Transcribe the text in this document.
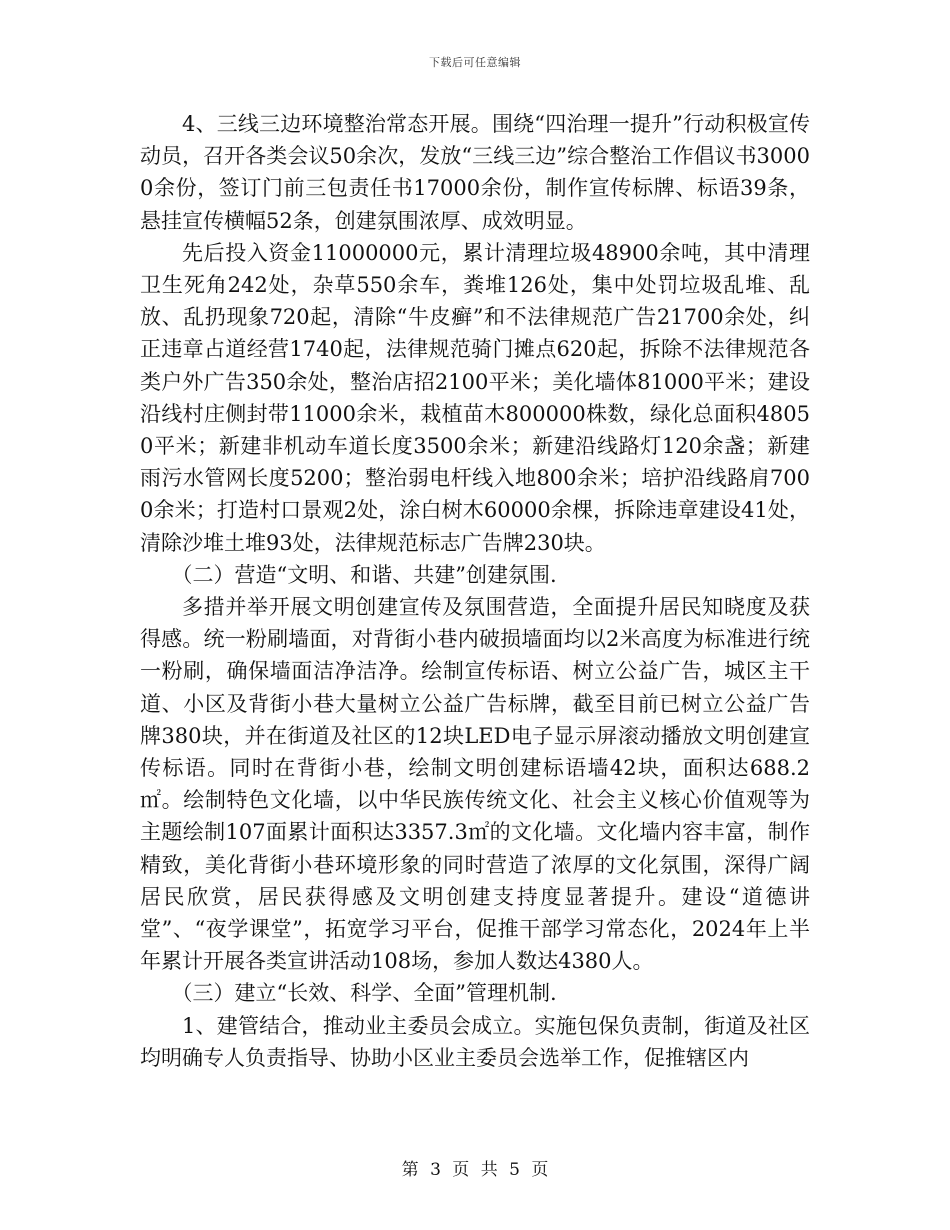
下载后可任意编辑

4、三线三边环境整治常态开展。围绕“四治理一提升”行动积极宣传动员，召开各类会议50余次，发放“三线三边”综合整治工作倡议书30000余份，签订门前三包责任书17000余份，制作宣传标牌、标语39条，悬挂宣传横幅52条，创建氛围浓厚、成效明显。

先后投入资金11000000元，累计清理垃圾48900余吨，其中清理卫生死角242处，杂草550余车，粪堆126处，集中处罚垃圾乱堆、乱放、乱扔现象720起，清除“牛皮癣”和不法律规范广告21700余处，纠正违章占道经营1740起，法律规范骑门摊点620起，拆除不法律规范各类户外广告350余处，整治店招2100平米；美化墙体81000平米；建设沿线村庄侧封带11000余米，栽植苗木800000株数，绿化总面积48050平米；新建非机动车道长度3500余米；新建沿线路灯120余盏；新建雨污水管网长度5200；整治弱电杆线入地800余米；培护沿线路肩7000余米；打造村口景观2处，涂白树木60000余棵，拆除违章建设41处，清除沙堆土堆93处，法律规范标志广告牌230块。

（二）营造“文明、和谐、共建”创建氛围.

多措并举开展文明创建宣传及氛围营造，全面提升居民知晓度及获得感。统一粉刷墙面，对背街小巷内破损墙面均以2米高度为标准进行统一粉刷，确保墙面洁净洁净。绘制宣传标语、树立公益广告，城区主干道、小区及背街小巷大量树立公益广告标牌，截至目前已树立公益广告牌380块，并在街道及社区的12块LED电子显示屏滚动播放文明创建宣传标语。同时在背街小巷，绘制文明创建标语墙42块，面积达688.2㎡。绘制特色文化墙，以中华民族传统文化、社会主义核心价值观等为主题绘制107面累计面积达3357.3㎡的文化墙。文化墙内容丰富，制作精致，美化背街小巷环境形象的同时营造了浓厚的文化氛围，深得广阔居民欣赏，居民获得感及文明创建支持度显著提升。建设“道德讲堂”、“夜学课堂”，拓宽学习平台，促推干部学习常态化，2024年上半年累计开展各类宣讲活动108场，参加人数达4380人。

（三）建立“长效、科学、全面”管理机制.

1、建管结合，推动业主委员会成立。实施包保负责制，街道及社区均明确专人负责指导、协助小区业主委员会选举工作，促推辖区内

第 3 页 共 5 页
